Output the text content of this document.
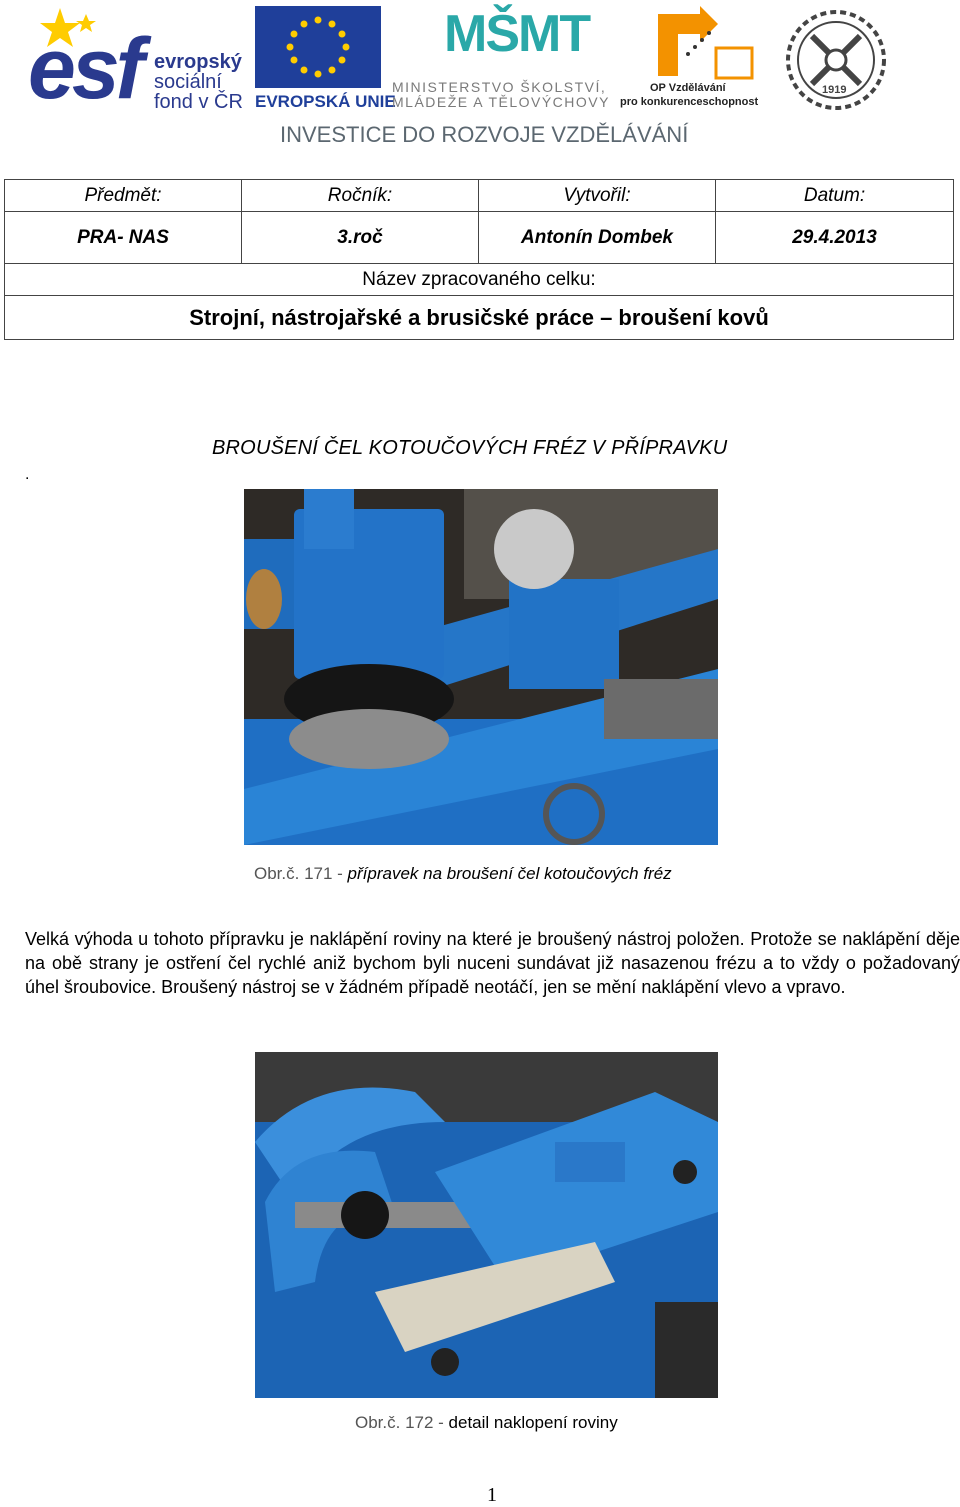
esf evropský
sociální
fond v ČR EVROPSKÁ UNIE
MŠMT
MINISTERSTVO ŠKOLSTVÍ,
MLÁDEŽE A TĚLOVÝCHOVY
OP Vzdělávání
pro konkurenceschopnost
1919
INVESTICE DO ROZVOJE VZDĚLÁVÁNÍ
Předmět:	Ročník:	Vytvořil:	Datum:
PRA- NAS	3.roč	Antonín Dombek	29.4.2013
Název zpracovaného celku:			
Strojní, nástrojařské a brusičské práce – broušení kovů			
.
BROUŠENÍ ČEL KOTOUČOVÝCH FRÉZ V PŘÍPRAVKU
Obr.č. 171 - přípravek na broušení čel kotoučových fréz
Velká výhoda u tohoto přípravku je naklápění roviny na které je broušený nástroj položen. Protože se naklápění děje na obě strany je ostření čel rychlé aniž bychom byli nuceni sundávat již nasazenou frézu a to vždy o požadovaný úhel šroubovice. Broušený nástroj se v žádném případě neotáčí, jen se mění naklápění vlevo a vpravo.
Obr.č. 172 - detail naklopení roviny
1
